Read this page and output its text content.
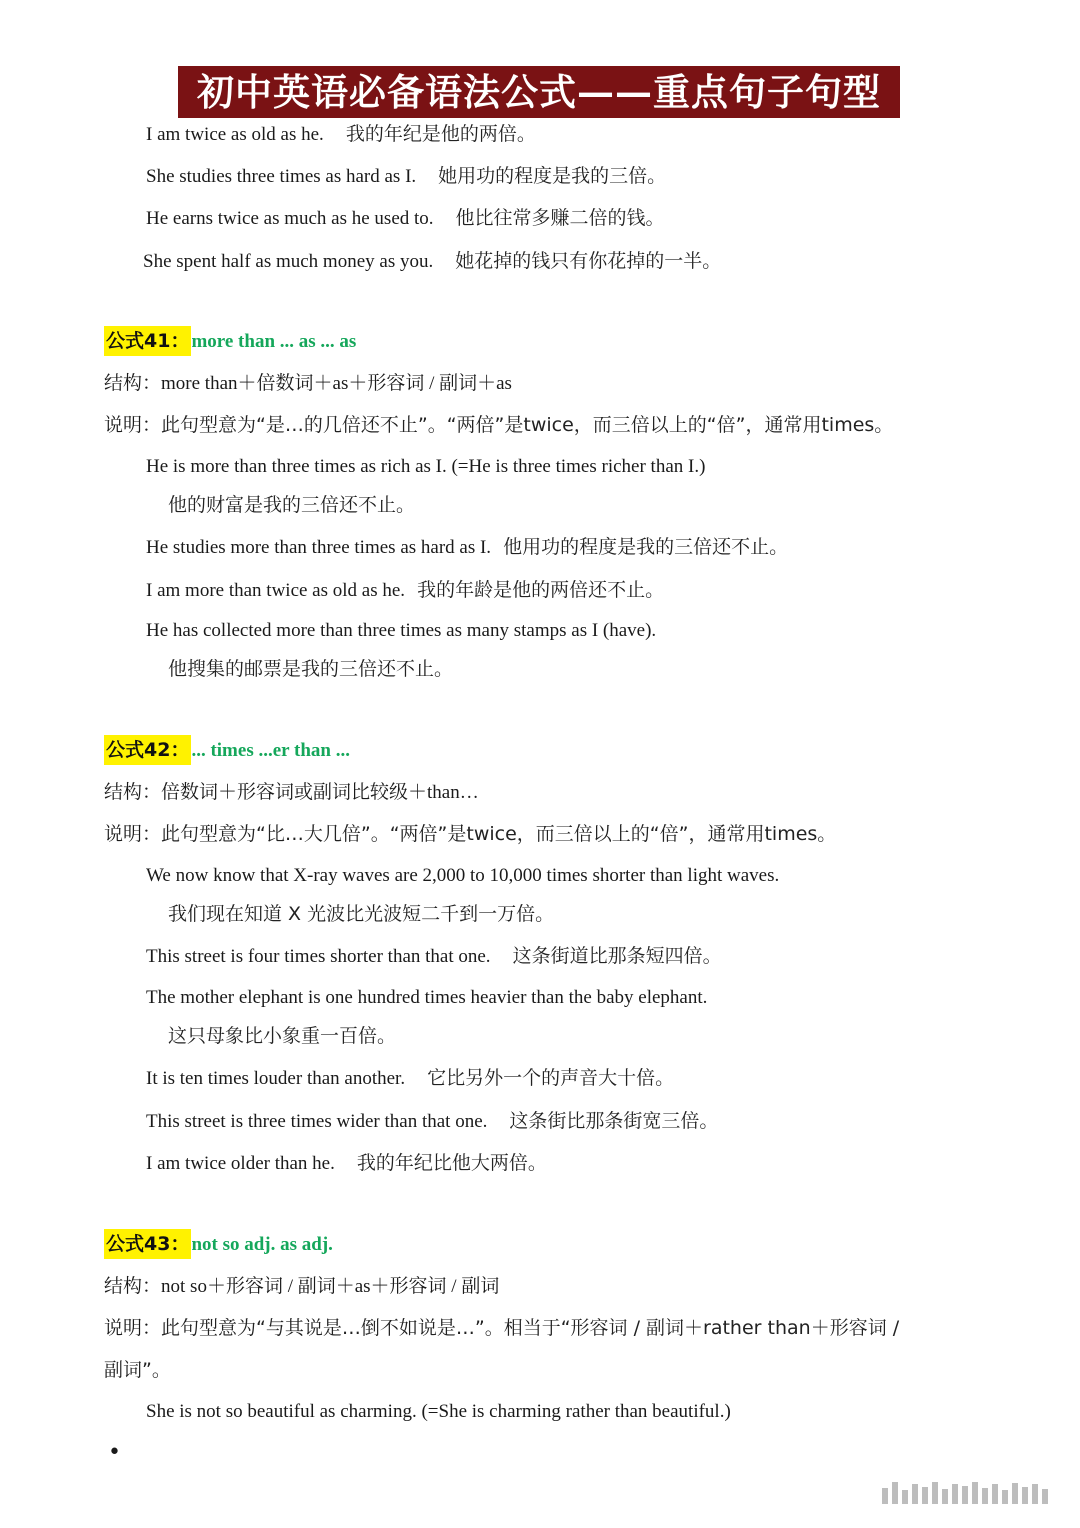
初中英语必备语法公式——重点句子句型
I am twice as old as he. 我的年纪是他的两倍。
She studies three times as hard as I. 她用功的程度是我的三倍。
He earns twice as much as he used to. 他比往常多赚二倍的钱。
She spent half as much money as you. 她花掉的钱只有你花掉的一半。
公式41： more than ... as ... as
结构：more than＋倍数词＋as＋形容词 / 副词＋as
说明：此句型意为“是…的几倍还不止”。“两倍”是twice，而三倍以上的“倍”，通常用times。
He is more than three times as rich as I. (=He is three times richer than I.)
他的财富是我的三倍还不止。
He studies more than three times as hard as I. 他用功的程度是我的三倍还不止。
I am more than twice as old as he. 我的年龄是他的两倍还不止。
He has collected more than three times as many stamps as I (have).
他搜集的邮票是我的三倍还不止。
公式42： ... times ...er than ...
结构：倍数词＋形容词或副词比较级＋than…
说明：此句型意为“比…大几倍”。“两倍”是twice，而三倍以上的“倍”，通常用times。
We now know that X-ray waves are 2,000 to 10,000 times shorter than light waves.
我们现在知道 X 光波比光波短二千到一万倍。
This street is four times shorter than that one. 这条街道比那条短四倍。
The mother elephant is one hundred times heavier than the baby elephant.
这只母象比小象重一百倍。
It is ten times louder than another. 它比另外一个的声音大十倍。
This street is three times wider than that one. 这条街比那条街宽三倍。
I am twice older than he. 我的年纪比他大两倍。
公式43： not so adj. as adj.
结构：not so＋形容词 / 副词＋as＋形容词 / 副词
说明：此句型意为“与其说是…倒不如说是…”。相当于“形容词 / 副词＋rather than＋形容词 /
副词”。
She is not so beautiful as charming. (=She is charming rather than beautiful.)
•
